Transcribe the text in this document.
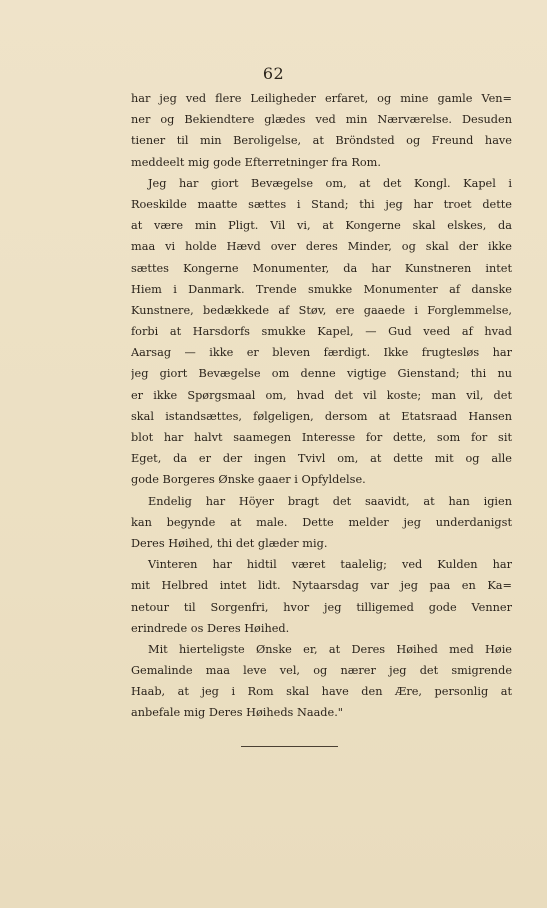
62
har jeg ved flere Leiligheder erfaret, og mine gamle Ven=
ner og Bekiendtere glædes ved min Nærværelse. Desuden
tiener til min Beroligelse, at Bröndsted og Freund have
meddeelt mig gode Efterretninger fra Rom.
Jeg har giort Bevægelse om, at det Kongl. Kapel i
Roeskilde maatte sættes i Stand; thi jeg har troet dette
at være min Pligt. Vil vi, at Kongerne skal elskes, da
maa vi holde Hævd over deres Minder, og skal der ikke
sættes Kongerne Monumenter, da har Kunstneren intet
Hiem i Danmark. Trende smukke Monumenter af danske
Kunstnere, bedækkede af Støv, ere gaaede i Forglemmelse,
forbi at Harsdorfs smukke Kapel, — Gud veed af hvad
Aarsag — ikke er bleven færdigt. Ikke frugtesløs har
jeg giort Bevægelse om denne vigtige Gienstand; thi nu
er ikke Spørgsmaal om, hvad det vil koste; man vil, det
skal istandsættes, følgeligen, dersom at Etatsraad Hansen
blot har halvt saamegen Interesse for dette, som for sit
Eget, da er der ingen Tvivl om, at dette mit og alle
gode Borgeres Ønske gaaer i Opfyldelse.
Endelig har Höyer bragt det saavidt, at han igien
kan begynde at male. Dette melder jeg underdanigst
Deres Høihed, thi det glæder mig.
Vinteren har hidtil været taalelig; ved Kulden har
mit Helbred intet lidt. Nytaarsdag var jeg paa en Ka=
netour til Sorgenfri, hvor jeg tilligemed gode Venner
erindrede os Deres Høihed.
Mit hierteligste Ønske er, at Deres Høihed med Høie
Gemalinde maa leve vel, og nærer jeg det smigrende
Haab, at jeg i Rom skal have den Ære, personlig at
anbefale mig Deres Høiheds Naade."
